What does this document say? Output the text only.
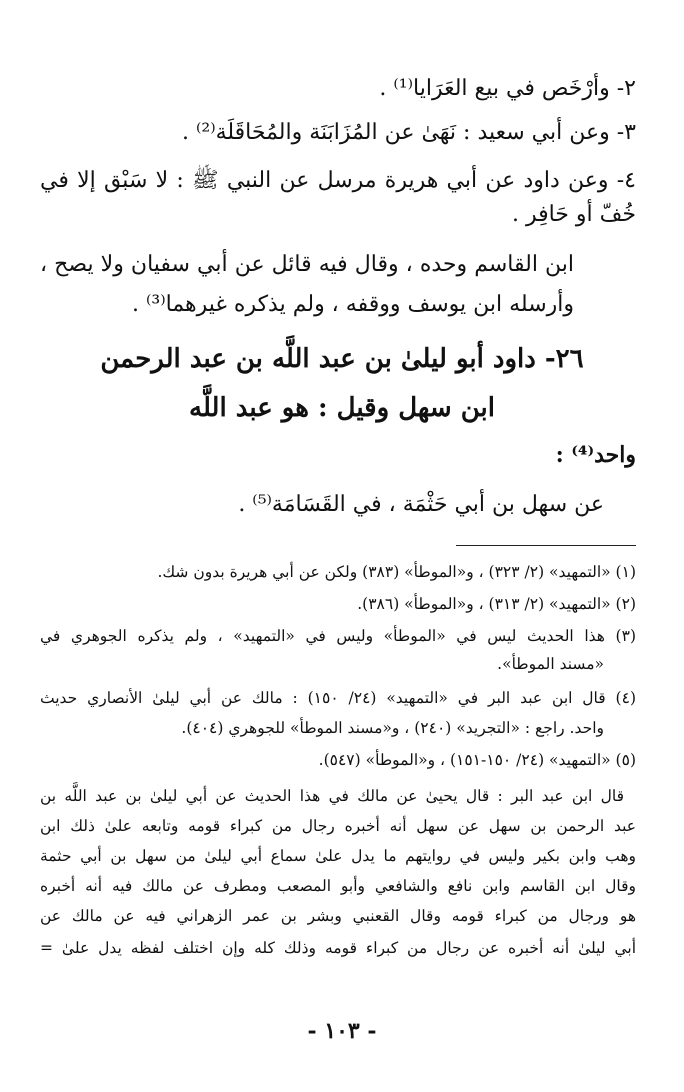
٢- وأرْخَص في بيع العَرَايا⁽¹⁾ .
٣- وعن أبي سعيد : نَهَىٰ عن المُزَابَنَة والمُحَاقَلَة⁽²⁾ .
٤- وعن داود عن أبي هريرة مرسل عن النبي ﷺ : لا سَبْق إلا في
خُفّ أو حَافِر .
ابن القاسم وحده ، وقال فيه قائل عن أبي سفيان ولا يصح ،
وأرسله ابن يوسف ووقفه ، ولم يذكره غيرهما⁽³⁾ .
٢٦- داود أبو ليلىٰ بن عبد اللَّه بن عبد الرحمن
ابن سهل وقيل : هو عبد اللَّه
واحد⁽⁴⁾ :
عن سهل بن أبي حَثْمَة ، في القَسَامَة⁽⁵⁾ .
(١) «التمهيد» (٢/ ٣٢٣) ، و«الموطأ» (٣٨٣) ولكن عن أبي هريرة بدون شك.
(٢) «التمهيد» (٢/ ٣١٣) ، و«الموطأ» (٣٨٦).
(٣) هذا الحديث ليس في «الموطأ» وليس في «التمهيد» ، ولم يذكره الجوهري في
«مسند الموطأ».
(٤) قال ابن عبد البر في «التمهيد» (٢٤/ ١٥٠) : مالك عن أبي ليلىٰ الأنصاري حديث
واحد. راجع : «التجريد» (٢٤٠) ، و«مسند الموطأ» للجوهري (٤٠٤).
(٥) «التمهيد» (٢٤/ ١٥٠-١٥١) ، و«الموطأ» (٥٤٧).
قال ابن عبد البر : قال يحيىٰ عن مالك في هذا الحديث عن أبي ليلىٰ بن عبد اللَّه بن
عبد الرحمن بن سهل عن سهل أنه أخبره رجال من كبراء قومه وتابعه علىٰ ذلك ابن
وهب وابن بكير وليس في روايتهم ما يدل علىٰ سماع أبي ليلىٰ من سهل بن أبي حثمة
وقال ابن القاسم وابن نافع والشافعي وأبو المصعب ومطرف عن مالك فيه أنه أخبره
هو ورجال من كبراء قومه وقال القعنبي وبشر بن عمر الزهراني فيه عن مالك عن
أبي ليلىٰ أنه أخبره عن رجال من كبراء قومه وذلك كله وإن اختلف لفظه يدل علىٰ =
- ١٠٣ -
